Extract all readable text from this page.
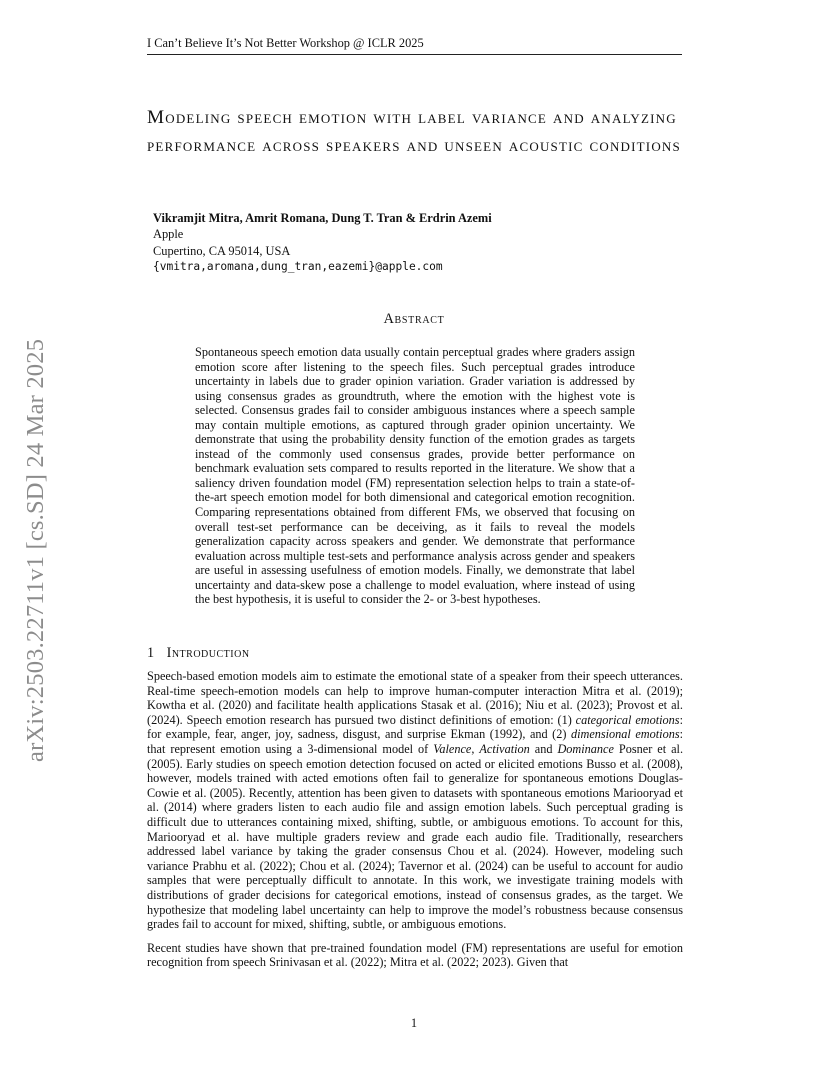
I Can’t Believe It’s Not Better Workshop @ ICLR 2025
arXiv:2503.22711v1 [cs.SD] 24 Mar 2025
Modeling speech emotion with label variance and analyzing performance across speakers and unseen acoustic conditions
Vikramjit Mitra, Amrit Romana, Dung T. Tran & Erdrin Azemi
Apple
Cupertino, CA 95014, USA
{vmitra,aromana,dung_tran,eazemi}@apple.com
Abstract
Spontaneous speech emotion data usually contain perceptual grades where graders assign emotion score after listening to the speech files. Such perceptual grades introduce uncertainty in labels due to grader opinion variation. Grader variation is addressed by using consensus grades as groundtruth, where the emotion with the highest vote is selected. Consensus grades fail to consider ambiguous instances where a speech sample may contain multiple emotions, as captured through grader opinion uncertainty. We demonstrate that using the probability density function of the emotion grades as targets instead of the commonly used consensus grades, provide better performance on benchmark evaluation sets compared to results reported in the literature. We show that a saliency driven foundation model (FM) representation selection helps to train a state-of-the-art speech emotion model for both dimensional and categorical emotion recognition. Comparing representations obtained from different FMs, we observed that focusing on overall test-set performance can be deceiving, as it fails to reveal the models generalization capacity across speakers and gender. We demonstrate that performance evaluation across multiple test-sets and performance analysis across gender and speakers are useful in assessing usefulness of emotion models. Finally, we demonstrate that label uncertainty and data-skew pose a challenge to model evaluation, where instead of using the best hypothesis, it is useful to consider the 2- or 3-best hypotheses.
1 Introduction

Speech-based emotion models aim to estimate the emotional state of a speaker from their speech utterances. Real-time speech-emotion models can help to improve human-computer interaction Mitra et al. (2019); Kowtha et al. (2020) and facilitate health applications Stasak et al. (2016); Niu et al. (2023); Provost et al. (2024). Speech emotion research has pursued two distinct definitions of emotion: (1) categorical emotions: for example, fear, anger, joy, sadness, disgust, and surprise Ekman (1992), and (2) dimensional emotions: that represent emotion using a 3-dimensional model of Valence, Activation and Dominance Posner et al. (2005). Early studies on speech emotion detection focused on acted or elicited emotions Busso et al. (2008), however, models trained with acted emotions often fail to generalize for spontaneous emotions Douglas-Cowie et al. (2005). Recently, attention has been given to datasets with spontaneous emotions Mariooryad et al. (2014) where graders listen to each audio file and assign emotion labels. Such perceptual grading is difficult due to utterances containing mixed, shifting, subtle, or ambiguous emotions. To account for this, Mariooryad et al. have multiple graders review and grade each audio file. Traditionally, researchers addressed label variance by taking the grader consensus Chou et al. (2024). However, modeling such variance Prabhu et al. (2022); Chou et al. (2024); Tavernor et al. (2024) can be useful to account for audio samples that were perceptually difficult to annotate. In this work, we investigate training models with distributions of grader decisions for categorical emotions, instead of consensus grades, as the target. We hypothesize that modeling label uncertainty can help to improve the model’s robustness because consensus grades fail to account for mixed, shifting, subtle, or ambiguous emotions.

Recent studies have shown that pre-trained foundation model (FM) representations are useful for emotion recognition from speech Srinivasan et al. (2022); Mitra et al. (2022; 2023). Given that

1
